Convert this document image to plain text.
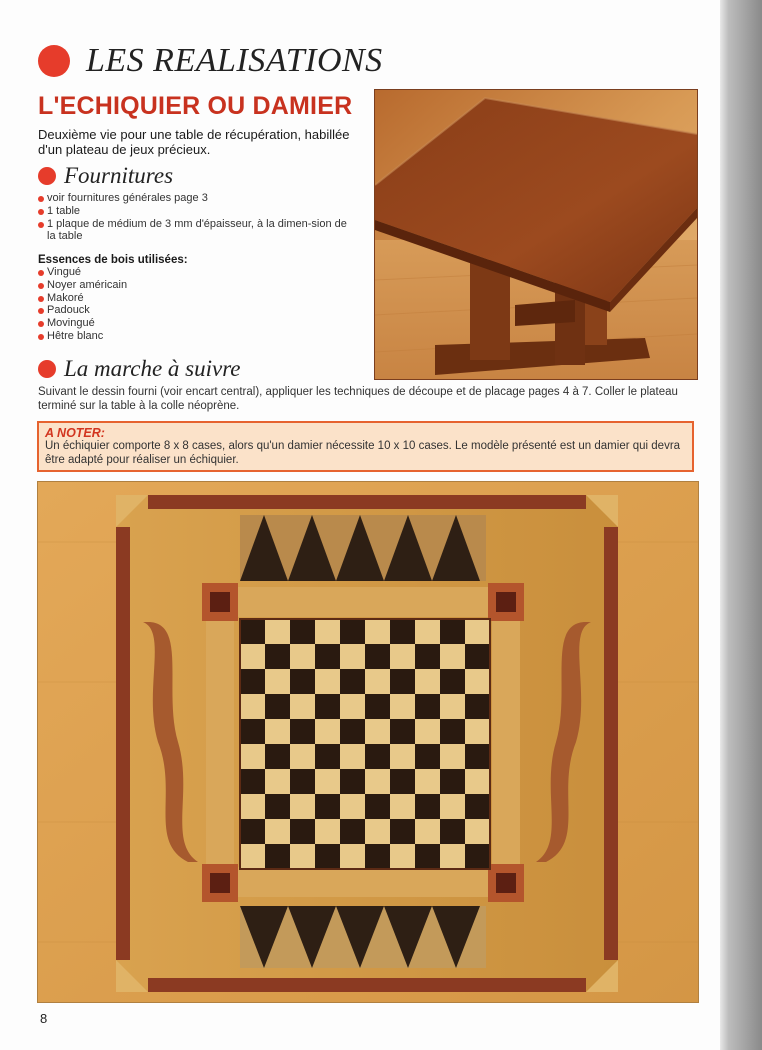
LES REALISATIONS
L'ECHIQUIER OU DAMIER
Deuxième vie pour une table de récupération, habillée d'un plateau de jeux précieux.
Fournitures
voir fournitures générales page 3
1 table
1 plaque de médium de 3 mm d'épaisseur, à la dimen-sion de la table
Essences de bois utilisées:
Vingué
Noyer américain
Makoré
Padouck
Movingué
Hêtre blanc
La marche à suivre
Suivant le dessin fourni (voir encart central), appliquer les techniques de découpe et de placage pages 4 à 7. Coller le plateau terminé sur la table à la colle néoprène.
A NOTER:
Un échiquier comporte 8 x 8 cases, alors qu'un damier nécessite 10 x 10 cases. Le modèle présenté est un damier qui devra être adapté pour réaliser un échiquier.
8
